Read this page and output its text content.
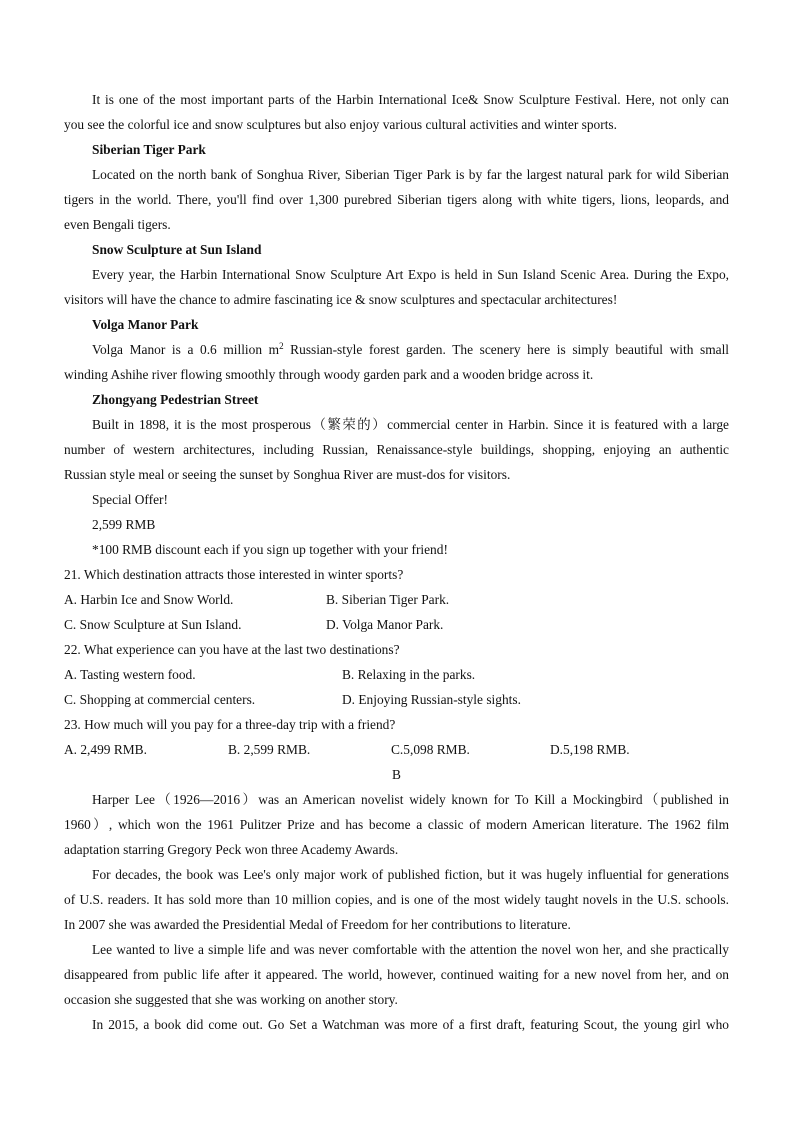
It is one of the most important parts of the Harbin International Ice& Snow Sculpture Festival. Here, not only can
you see the colorful ice and snow sculptures but also enjoy various cultural activities and winter sports.
Siberian Tiger Park
Located on the north bank of Songhua River, Siberian Tiger Park is by far the largest natural park for wild Siberian
tigers in the world. There, you'll find over 1,300 purebred Siberian tigers along with white tigers, lions, leopards, and
even Bengali tigers.
Snow Sculpture at Sun Island
Every year, the Harbin International Snow Sculpture Art Expo is held in Sun Island Scenic Area. During the Expo,
visitors will have the chance to admire fascinating ice & snow sculptures and spectacular architectures!
Volga Manor Park
Volga Manor is a 0.6 million $m^2$ Russian-style forest garden. The scenery here is simply beautiful with small
winding Ashihe river flowing smoothly through woody garden park and a wooden bridge across it.
Zhongyang Pedestrian Street
Built in 1898, it is the most prosperous（繁荣的）commercial center in Harbin. Since it is featured with a large
number of western architectures, including Russian, Renaissance-style buildings, shopping, enjoying an authentic
Russian style meal or seeing the sunset by Songhua River are must-dos for visitors.
Special Offer!
2,599 RMB
*100 RMB discount each if you sign up together with your friend!
21. Which destination attracts those interested in winter sports?
A. Harbin Ice and Snow World.	B. Siberian Tiger Park.
C. Snow Sculpture at Sun Island.	D. Volga Manor Park.
22. What experience can you have at the last two destinations?
A. Tasting western food.	B. Relaxing in the parks.
C. Shopping at commercial centers.	D. Enjoying Russian-style sights.
23. How much will you pay for a three-day trip with a friend?
A. 2,499 RMB.	B. 2,599 RMB.	C.5,098 RMB.	D.5,198 RMB.
B
Harper Lee（1926—2016）was an American novelist widely known for To Kill a Mockingbird（published in
1960）, which won the 1961 Pulitzer Prize and has become a classic of modern American literature. The 1962 film
adaptation starring Gregory Peck won three Academy Awards.
For decades, the book was Lee's only major work of published fiction, but it was hugely influential for generations
of U.S. readers. It has sold more than 10 million copies, and is one of the most widely taught novels in the U.S. schools.
In 2007 she was awarded the Presidential Medal of Freedom for her contributions to literature.
Lee wanted to live a simple life and was never comfortable with the attention the novel won her, and she practically
disappeared from public life after it appeared. The world, however, continued waiting for a new novel from her, and on
occasion she suggested that she was working on another story.
In 2015, a book did come out. Go Set a Watchman was more of a first draft, featuring Scout, the young girl who
